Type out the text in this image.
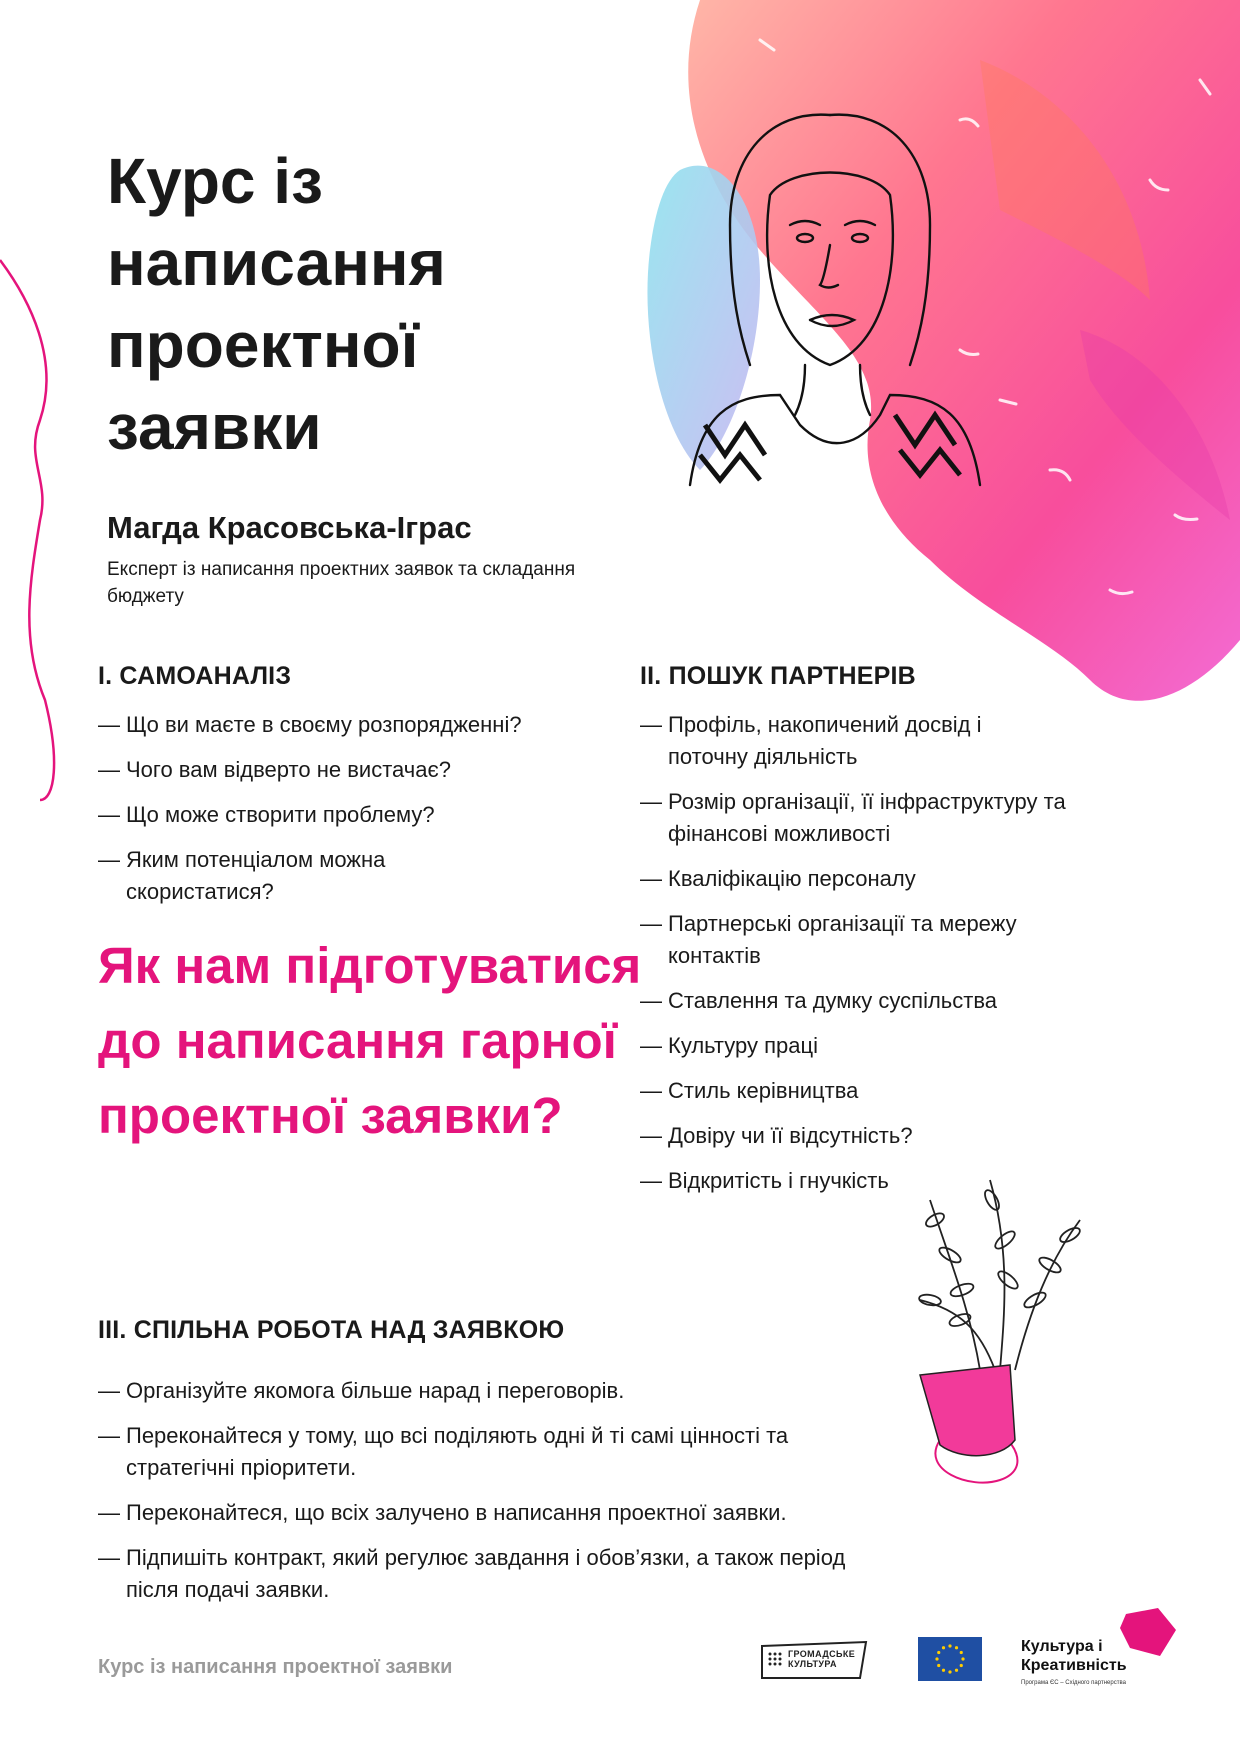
Курс із написання проектної заявки

Магда Красовська-Іграс

Експерт із написання проектних заявок та складання бюджету

I. САМОАНАЛІЗ
— Що ви маєте в своєму розпорядженні?
— Чого вам відверто не вистачає?
— Що може створити проблему?
— Яким потенціалом можна скористатися?
II. ПОШУК ПАРТНЕРІВ
— Профіль, накопичений досвід і поточну діяльність
— Розмір організації, її інфраструктуру та фінансові можливості
— Кваліфікацію персоналу
— Партнерські організації та мережу контактів
— Ставлення та думку суспільства
— Культуру праці
— Стиль керівництва
— Довіру чи її відсутність?
— Відкритість і гнучкість

Як нам підготуватися до написання гарної проектної заявки?

III. СПІЛЬНА РОБОТА НАД ЗАЯВКОЮ
— Організуйте якомога більше нарад і переговорів.
— Переконайтеся у тому, що всі поділяють одні й ті самі цінності та стратегічні пріоритети.
— Переконайтеся, що всіх залучено в написання проектної заявки.
— Підпишіть контракт, який регулює завдання і обов’язки, а також період після подачі заявки.

Курс із написання проектної заявки

ГРОМАДСЬКЕ КУЛЬТУРА

Культура і Креативність

Програма ЄС – Східного партнерства
